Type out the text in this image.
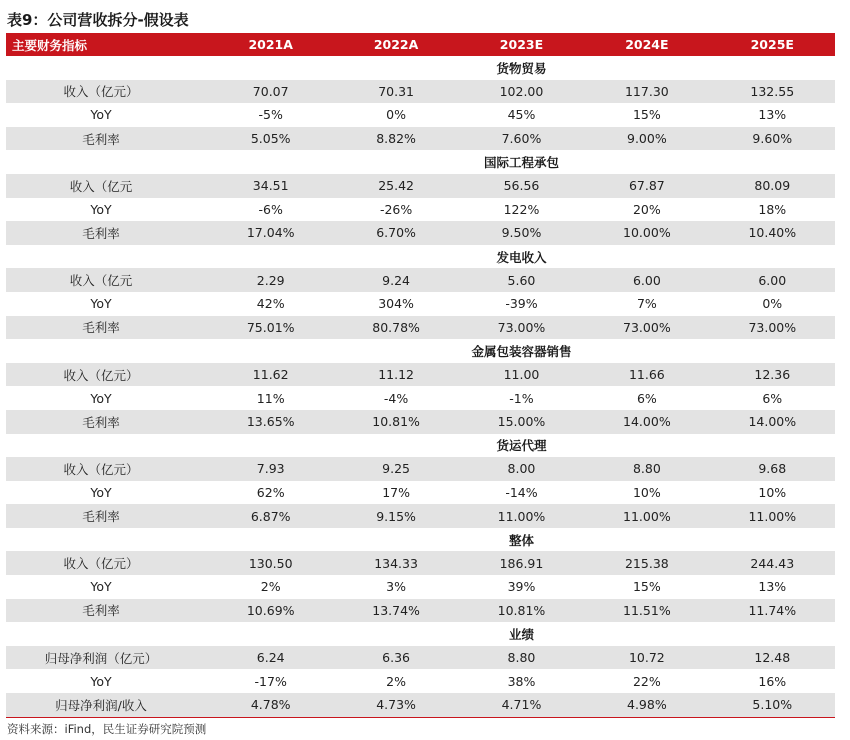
表9：公司营收拆分-假设表
主要财务指标	2021A	2022A	2023E	2024E	2025E
	货物贸易				
收入（亿元）	70.07	70.31	102.00	117.30	132.55
YoY	-5%	0%	45%	15%	13%
毛利率	5.05%	8.82%	7.60%	9.00%	9.60%
	国际工程承包				
收入（亿元	34.51	25.42	56.56	67.87	80.09
YoY	-6%	-26%	122%	20%	18%
毛利率	17.04%	6.70%	9.50%	10.00%	10.40%
	发电收入				
收入（亿元	2.29	9.24	5.60	6.00	6.00
YoY	42%	304%	-39%	7%	0%
毛利率	75.01%	80.78%	73.00%	73.00%	73.00%
	金属包装容器销售				
收入（亿元）	11.62	11.12	11.00	11.66	12.36
YoY	11%	-4%	-1%	6%	6%
毛利率	13.65%	10.81%	15.00%	14.00%	14.00%
	货运代理				
收入（亿元）	7.93	9.25	8.00	8.80	9.68
YoY	62%	17%	-14%	10%	10%
毛利率	6.87%	9.15%	11.00%	11.00%	11.00%
	整体				
收入（亿元）	130.50	134.33	186.91	215.38	244.43
YoY	2%	3%	39%	15%	13%
毛利率	10.69%	13.74%	10.81%	11.51%	11.74%
	业绩				
归母净利润（亿元）	6.24	6.36	8.80	10.72	12.48
YoY	-17%	2%	38%	22%	16%
归母净利润/收入	4.78%	4.73%	4.71%	4.98%	5.10%
资料来源：iFind，民生证券研究院预测
